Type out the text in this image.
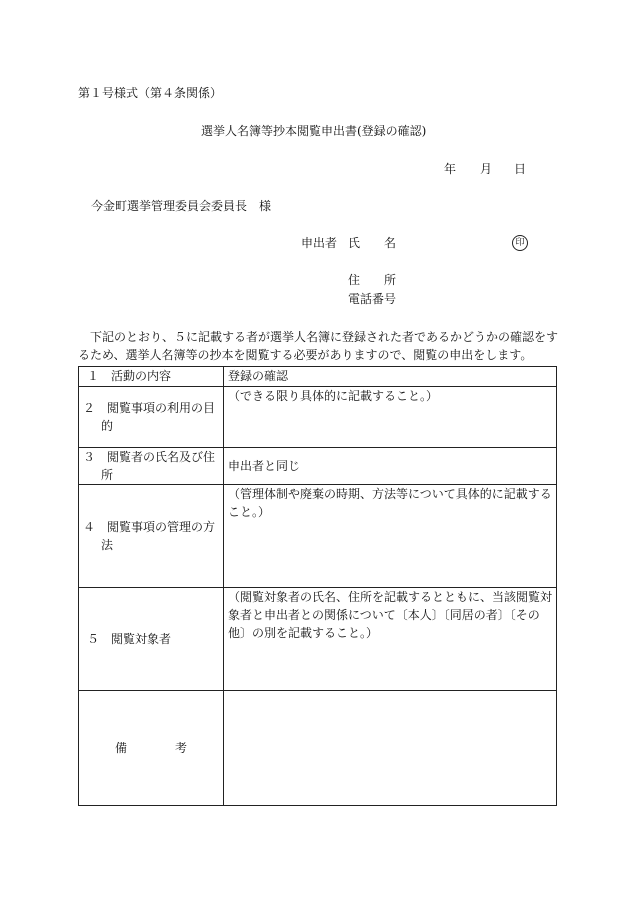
第１号様式（第４条関係）
選挙人名簿等抄本閲覧申出書(登録の確認)
年 月 日
今金町選挙管理委員会委員長　様
申出者 氏　　名	印
住　　所
電話番号
下記のとおり、５に記載する者が選挙人名簿に登録された者であるかどうかの確認をするため、選挙人名簿等の抄本を閲覧する必要がありますので、閲覧の申出をします。
１　活動の内容	登録の確認
２　閲覧事項の利用の目的	（できる限り具体的に記載すること。）
３　閲覧者の氏名及び住所	申出者と同じ
４　閲覧事項の管理の方法	（管理体制や廃棄の時期、方法等について具体的に記載すること。）
５　閲覧対象者	（閲覧対象者の氏名、住所を記載するとともに、当該閲覧対象者と申出者との関係について〔本人〕〔同居の者〕〔その他〕の別を記載すること。）
備　　　　考	
